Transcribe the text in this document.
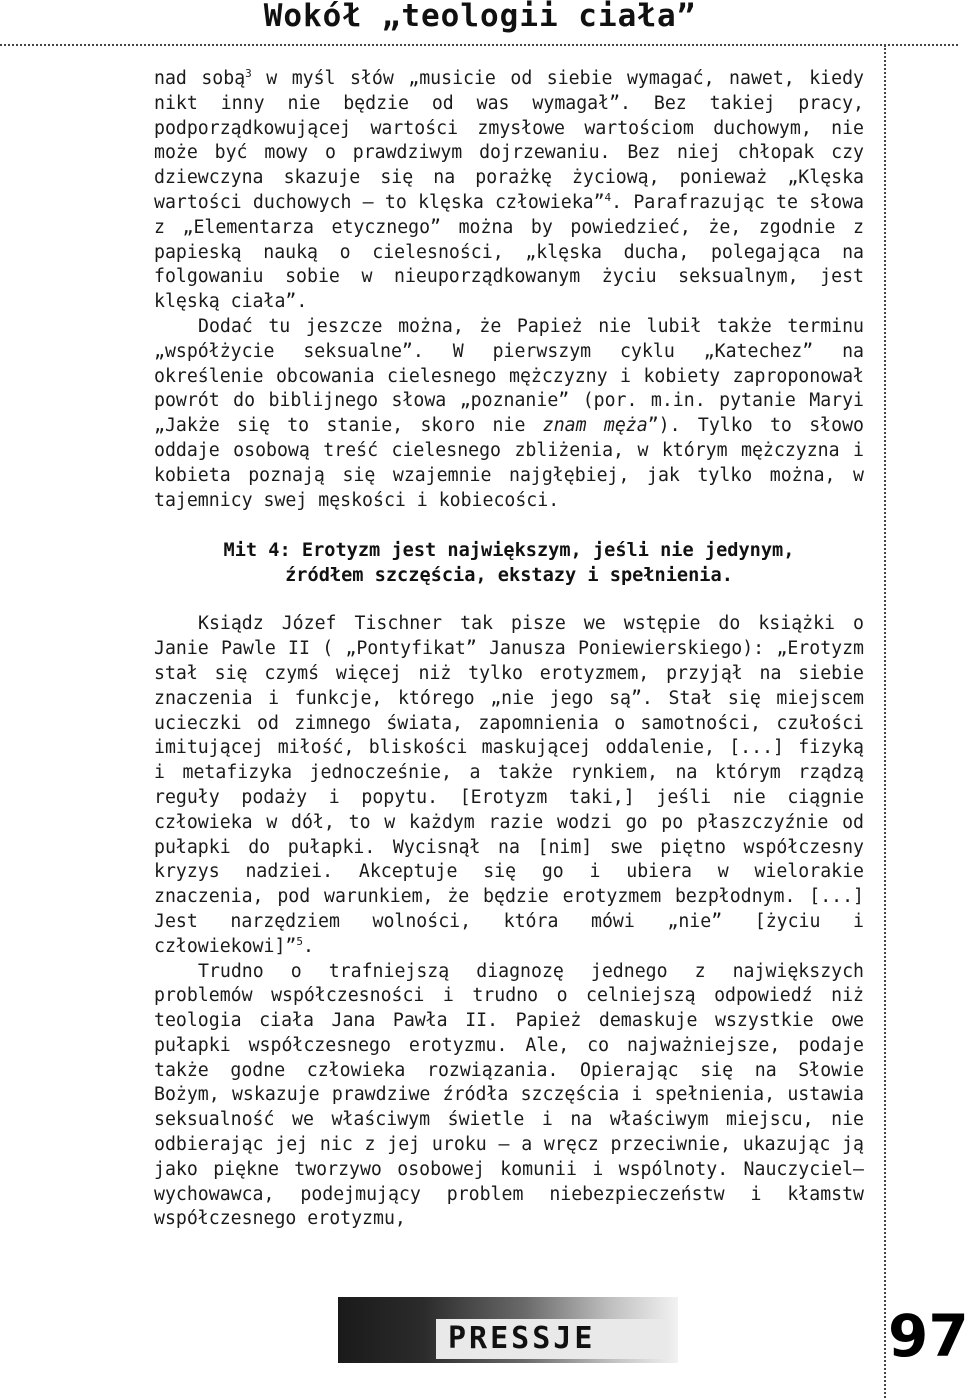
Wokół „teologii ciała”

nad sobą$^3$ w myśl słów „musicie od siebie wymagać, nawet, kiedy nikt inny nie będzie od was wymagał”. Bez takiej pracy, podporządkowującej wartości zmysłowe wartościom duchowym, nie może być mowy o prawdziwym dojrzewaniu. Bez niej chłopak czy dziewczyna skazuje się na porażkę życiową, ponieważ „Klęska wartości duchowych — to klęska człowieka”$^4$. Parafrazując te słowa z „Elementarza etycznego” można by powiedzieć, że, zgodnie z papieską nauką o cielesności, „klęska ducha, polegająca na folgowaniu sobie w nieuporządkowanym życiu seksualnym, jest klęską ciała”.

Dodać tu jeszcze można, że Papież nie lubił także terminu „współżycie seksualne”. W pierwszym cyklu „Katechez” na określenie obcowania cielesnego mężczyzny i kobiety zaproponował powrót do biblijnego słowa „poznanie” (por. m.in. pytanie Maryi „Jakże się to stanie, skoro nie znam męża”). Tylko to słowo oddaje osobową treść cielesnego zbliżenia, w którym mężczyzna i kobieta poznają się wzajemnie najgłębiej, jak tylko można, w tajemnicy swej męskości i kobiecości.

Mit 4: Erotyzm jest największym, jeśli nie jedynym,
źródłem szczęścia, ekstazy i spełnienia.

Ksiądz Józef Tischner tak pisze we wstępie do książki o Janie Pawle II ( „Pontyfikat” Janusza Poniewierskiego): „Erotyzm stał się czymś więcej niż tylko erotyzmem, przyjął na siebie znaczenia i funkcje, którego „nie jego są”. Stał się miejscem ucieczki od zimnego świata, zapomnienia o samotności, czułości imitującej miłość, bliskości maskującej oddalenie, [...] fizyką i metafizyka jednocześnie, a także rynkiem, na którym rządzą reguły podaży i popytu. [Erotyzm taki,] jeśli nie ciągnie człowieka w dół, to w każdym razie wodzi go po płaszczyźnie od pułapki do pułapki. Wycisnął na [nim] swe piętno współczesny kryzys nadziei. Akceptuje się go i ubiera w wielorakie znaczenia, pod warunkiem, że będzie erotyzmem bezpłodnym. [...] Jest narzędziem wolności, która mówi „nie” [życiu i człowiekowi]”$^5$.

Trudno o trafniejszą diagnozę jednego z największych problemów współczesności i trudno o celniejszą odpowiedź niż teologia ciała Jana Pawła II. Papież demaskuje wszystkie owe pułapki współczesnego erotyzmu. Ale, co najważniejsze, podaje także godne człowieka rozwiązania. Opierając się na Słowie Bożym, wskazuje prawdziwe źródła szczęścia i spełnienia, ustawia seksualność we właściwym świetle i na właściwym miejscu, nie odbierając jej nic z jej uroku — a wręcz przeciwnie, ukazując ją jako piękne tworzywo osobowej komunii i wspólnoty. Nauczyciel—wychowawca, podejmujący problem niebezpieczeństw i kłamstw współczesnego erotyzmu,

PRESSJE	97
